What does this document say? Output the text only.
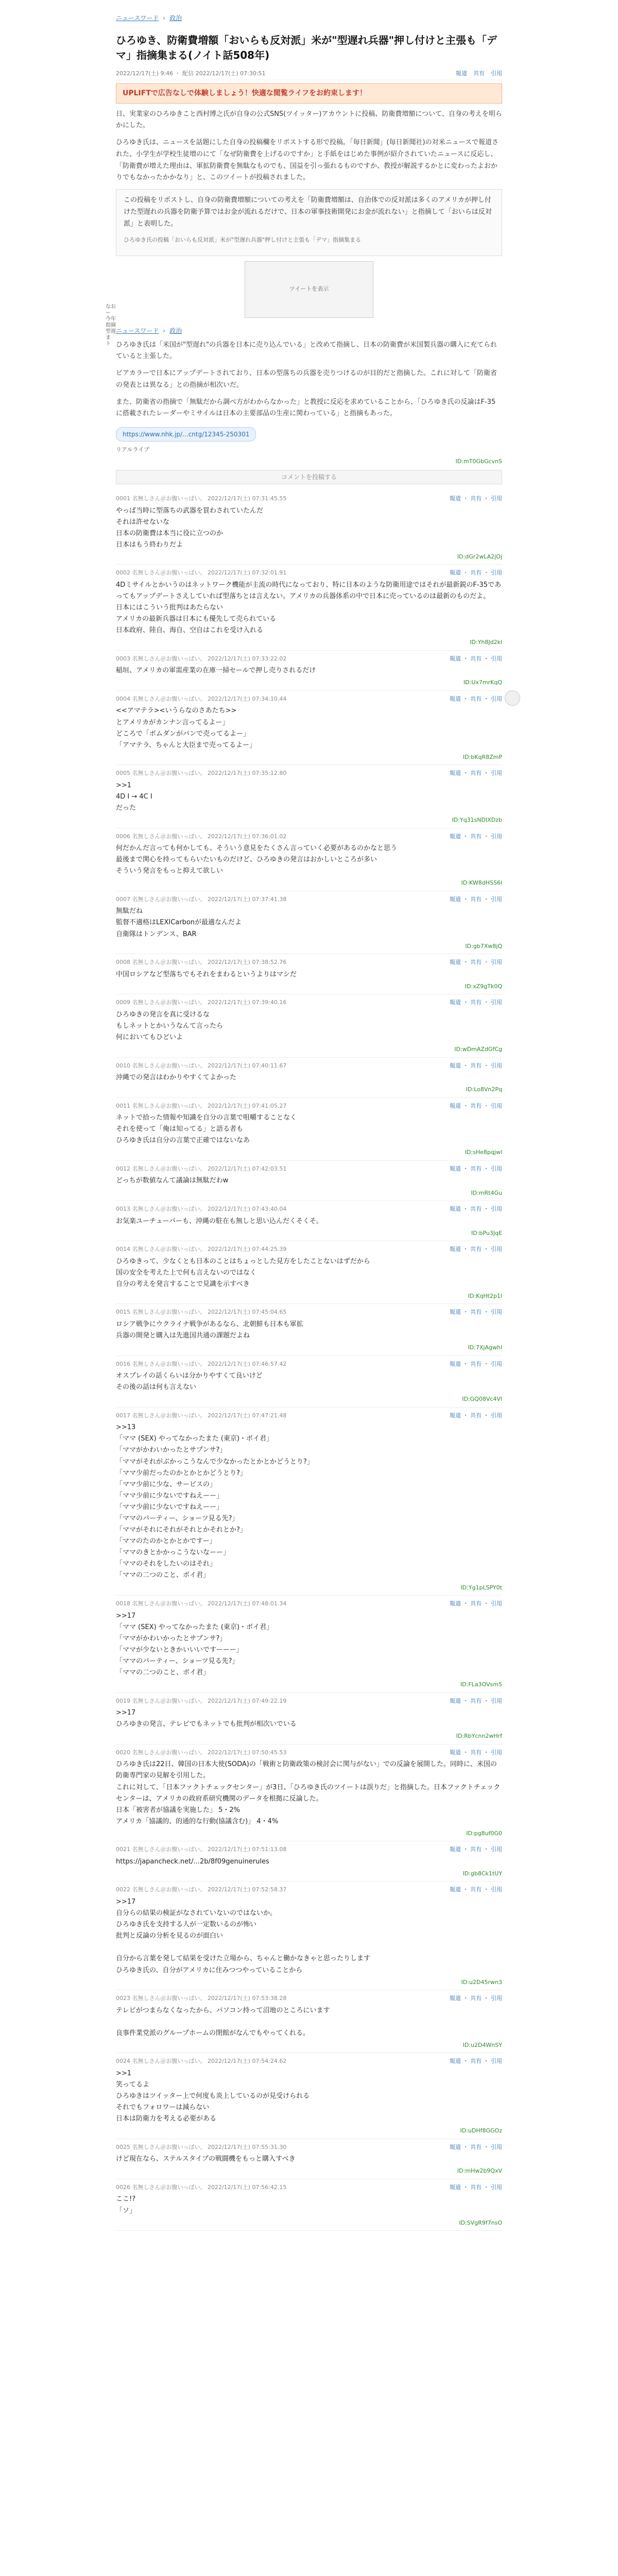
なお
ー
今年
指摘
型遅
ま
ト
ニュースワード › 政治
ひろゆき、防衛費増額「おいらも反対派」米が"型遅れ兵器"押し付けと主張も「デマ」指摘集まる(ノイト話508年)
2022/12/17(土) 9:46 ・ 配信 2022/12/17(土) 07:30:51	報道 共有 引用
UPLIFTで広告なしで体験しましょう！快適な閲覧ライフをお約束します！

日、実業家のひろゆきこと西村博之氏が自身の公式SNS(ツイッター)アカウントに投稿、防衛費増額について、自身の考えを明らかにした。

ひろゆき氏は、ニュースを話題にした自身の投稿欄をリポストする形で投稿。「毎日新聞」(毎日新聞社)の対米ニュースで報道された、小学生が学校生徒増のにて「なぜ防衛費を上げるのですか」と手紙をはじめた事例が紹介されていたニュースに反応し、「防衛費が増えた理由は、軍拡防衛費を無駄なものでも、国益を引っ張れるものですか、教授が解説するかとに変わったよおかりでもなかったかかなり」と、このツイートが投稿されました。

この投稿をリポストし、自身の防衛費増額についての考えを「防衛費増額は、自治体での反対派は多くのアメリカが押し付けた型遅れの兵器を防衛予算ではお金が流れるだけで、日本の軍事技術開発にお金が流れない」と指摘して「おいらは反対派」と表明した。

ひろゆき氏の投稿「おいらも反対派」米が"型遅れ兵器"押し付けと主張も「デマ」指摘集まる

ツイートを表示
ニュースワード › 政治

ひろゆき氏は「米国が"型遅れ"の兵器を日本に売り込んでいる」と改めて指摘し、日本の防衛費が米国製兵器の購入に充てられていると主張した。

ビアカラーで日本にアップデートされており、日本の型落ちの兵器を売りつけるのが目的だと指摘した。これに対して「防衛省の発表とは異なる」との指摘が相次いだ。

また、防衛省の指摘で「無駄だから調べ方がわからなかった」と教授に反応を求めていることから、「ひろゆき氏の反論はF-35に搭載されたレーダーやミサイルは日本の主要部品の生産に関わっている」と指摘もあった。

https://www.nhk.jp/...cntg/12345-250301
リアルライブ
ID:mT0GbGcvnS
コメントを投稿する
0001 名無しさん＠お腹いっぱい。 2022/12/17(土) 07:31:45.55	報道 ・ 共有 ・ 引用
やっぱ当時に型落ちの武器を買わされていたんだ
それは許せないな
日本の防衛費は本当に役に立つのか
日本はもう終わりだよ
ID:dGr2wLA2jOj
0002 名無しさん＠お腹いっぱい。 2022/12/17(土) 07:32:01.91	報道 ・ 共有 ・ 引用
4Dミサイルとかいうのはネットワーク機能が主流の時代になっており、特に日本のような防衛用途ではそれが最新鋭のF-35であってもアップデートさえしていれば型落ちとは言えない。アメリカの兵器体系の中で日本に売っているのは最新のものだよ。
日本にはこういう批判はあたらない
アメリカの最新兵器は日本にも優先して売られている
日本政府、陸自、海自、空自はこれを受け入れる
ID:Yh8Jd2kl
0003 名無しさん＠お腹いっぱい。 2022/12/17(土) 07:33:22.02	報道 ・ 共有 ・ 引用
稲垣、アメリカの軍需産業の在庫一掃セールで押し売りされるだけ
ID:Ux7mrKqQ
0004 名無しさん＠お腹いっぱい。 2022/12/17(土) 07:34:10.44	報道 ・ 共有 ・ 引用
<<アマテラ><いうらなのさあたち>>
とアメリカがカンナン言ってるよー」
どころで「ポムダンがパンで売ってるよー」
「アマテラ、ちゃんと大臣まで売ってるよー」
ID:bKqR8ZmP
0005 名無しさん＠お腹いっぱい。 2022/12/17(土) 07:35:12.80	報道 ・ 共有 ・ 引用
>>1
4D I → 4C I
だった
ID:Yq31sNDIXDzb
0006 名無しさん＠お腹いっぱい。 2022/12/17(土) 07:36:01.02	報道 ・ 共有 ・ 引用
何だかんだ言っても何かしても、そういう意見をたくさん言っていく必要があるのかなと思う
最後まで関心を持ってもらいたいものだけど、ひろゆきの発言はおかしいところが多い
そういう発言をもっと抑えて欲しい
ID:KW8dHSS6l
0007 名無しさん＠お腹いっぱい。 2022/12/17(土) 07:37:41.38	報道 ・ 共有 ・ 引用
無駄だね
監督不適格はLEXICarbonが最適なんだよ
自衛隊はトンデンス、BAR
ID:gb7Xw8jQ
0008 名無しさん＠お腹いっぱい。 2022/12/17(土) 07:38:52.76	報道 ・ 共有 ・ 引用
中国ロシアなど型落ちでもそれをまわるというよりはマシだ
ID:xZ9gTk0Q
0009 名無しさん＠お腹いっぱい。 2022/12/17(土) 07:39:40.16	報道 ・ 共有 ・ 引用
ひろゆきの発言を真に受けるな
もしネットとかいうなんて言ったら
何においてもひどいよ
ID:wDmAZdGfCg
0010 名無しさん＠お腹いっぱい。 2022/12/17(土) 07:40:11.67	報道 ・ 共有 ・ 引用
沖縄での発言はわかりやすくてよかった
ID:Lo8Vn2Pq
0011 名無しさん＠お腹いっぱい。 2022/12/17(土) 07:41:05.27	報道 ・ 共有 ・ 引用
ネットで拾った情報や知識を自分の言葉で咀嚼することなく
それを使って「俺は知ってる」と語る者も
ひろゆき氏は自分の言葉で正確ではないなあ
ID:sHe8pqjwl
0012 名無しさん＠お腹いっぱい。 2022/12/17(土) 07:42:03.51	報道 ・ 共有 ・ 引用
どっちが数値なんて議論は無駄だわw
ID:mRt4Gu
0013 名無しさん＠お腹いっぱい。 2022/12/17(土) 07:43:40.04	報道 ・ 共有 ・ 引用
お気楽ユーチューバーも、沖縄の駐在も無しと思い込んだくそくそ。
ID:bPu3JqE
0014 名無しさん＠お腹いっぱい。 2022/12/17(土) 07:44:25.39	報道 ・ 共有 ・ 引用
ひろゆきって、少なくとも日本のことはちょっとした見方をしたことないはずだから
国の安全を考えた上で何も言えないのではなく
自分の考えを発言することで見識を示すべき
ID:KqHt2p1l
0015 名無しさん＠お腹いっぱい。 2022/12/17(土) 07:45:04.65	報道 ・ 共有 ・ 引用
ロシア戦争にウクライナ戦争があるなら、北朝鮮も日本も軍拡
兵器の開発と購入は先進国共通の課題だよね
ID:7XjAgwhl
0016 名無しさん＠お腹いっぱい。 2022/12/17(土) 07:46:57.42	報道 ・ 共有 ・ 引用
オスプレイの話くらいは分かりやすくて良いけど
その後の話は何も言えない
ID:GQ08Vc4Vl
0017 名無しさん＠お腹いっぱい。 2022/12/17(土) 07:47:21.48	報道 ・ 共有 ・ 引用
>>13
「ママ (SEX) やってなかったまた (東京)・ボイ君」
「ママがかわいかったとサプンサ?」
「ママがそれがぶかっこうなんで少なかったとかとかどうとり?」
「ママ少前だったのかとかとかどうとり?」
「ママ少前に少な、サービスの」
「ママ少前に少ないですねえーー」
「ママ少前に少ないですねえーー」
「ママのパーティー、ショーツ見る先?」
「ママがそれにそれがそれとかそれとか?」
「ママのたのかとかとかですー」
「ママのきとかかっこうないなーー」
「ママのそれをしたいのはそれ」
「ママの二つのこと、ボイ君」
ID:Yg1pLSPY0t
0018 名無しさん＠お腹いっぱい。 2022/12/17(土) 07:48:01.34	報道 ・ 共有 ・ 引用
>>17
「ママ (SEX) やってなかったまた (東京)・ボイ君」
「ママがかわいかったとサプンサ?」
「ママが少ないときかいいいですーーー」
「ママのパーティー、ショーツ見る先?」
「ママの二つのこと、ボイ君」
ID:FLa3OVsm5
0019 名無しさん＠お腹いっぱい。 2022/12/17(土) 07:49:22.19	報道 ・ 共有 ・ 引用
>>17
ひろゆきの発言、テレビでもネットでも批判が相次いでいる
ID:RbYcnn2wHrf
0020 名無しさん＠お腹いっぱい。 2022/12/17(土) 07:50:45.53	報道 ・ 共有 ・ 引用
ひろゆき氏は22日、韓国の日本大使(SODA)の「戦術と防衛政策の検討会に関与がない」での反論を展開した。同時に、米国の防衛専門家の見解を引用した。
これに対して、「日本ファクトチェックセンター」が3日、「ひろゆき氏のツイートは誤りだ」と指摘した。日本ファクトチェックセンターは、アメリカの政府系研究機関のデータを根拠に反論した。
日本「被害者が協議を実施した」 5・2%
アメリカ「協議的、的通的な行動(協議含む)」 4・4%
ID:pg8uf0G0
0021 名無しさん＠お腹いっぱい。 2022/12/17(土) 07:51:13.08	報道 ・ 共有 ・ 引用
https://japancheck.net/...2b/8f09genuinerules
ID:gb8Ck1tUY
0022 名無しさん＠お腹いっぱい。 2022/12/17(土) 07:52:58.37	報道 ・ 共有 ・ 引用
>>17
自分らの結果の検証がなされていないのではないか。
ひろゆき氏を支持する人が一定数いるのが怖い
批判と反論の分析を見るのが面白い

自分から言葉を発して結果を受けた立場から、ちゃんと働かなきゃと思ったりします
ひろゆき氏の、自分がアメリカに住みつつやっていることから
ID:u2D45rwn3
0023 名無しさん＠お腹いっぱい。 2022/12/17(土) 07:53:38.28	報道 ・ 共有 ・ 引用
テレビがつまらなくなったから、パソコン持って沼地のところにいます

良事件業党派のグループホームの閉館がなんでもやってくれる。
ID:u2D4WnSY
0024 名無しさん＠お腹いっぱい。 2022/12/17(土) 07:54:24.62	報道 ・ 共有 ・ 引用
>>1
笑ってるよ
ひろゆきはツイッター上で何度も炎上しているのが見受けられる
それでもフォロワーは減らない
日本は防衛力を考える必要がある
ID:uDHf8GGOz
0025 名無しさん＠お腹いっぱい。 2022/12/17(土) 07:55:31.30	報道 ・ 共有 ・ 引用
けど現在なら、ステルスタイプの戦闘機をもっと購入すべき
ID:mHw2b9QxV
0026 名無しさん＠お腹いっぱい。 2022/12/17(土) 07:56:42.15	報道 ・ 共有 ・ 引用
ここ!?
「ソ」
ID:SVgR9f7nsO
